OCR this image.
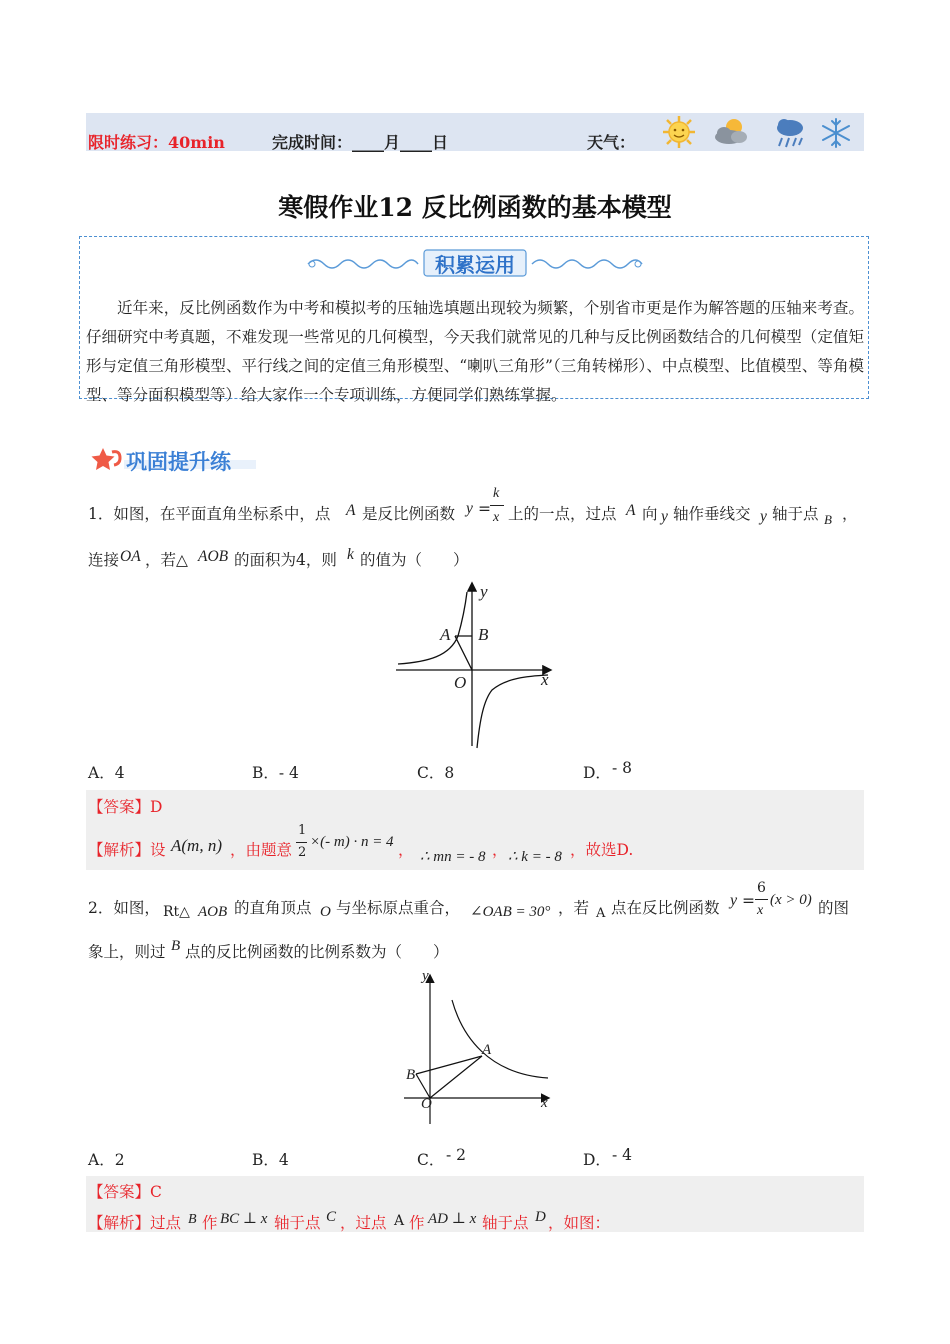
限时练习：40min	完成时间：____月____日	天气：
寒假作业12 反比例函数的基本模型
积累运用
近年来，反比例函数作为中考和模拟考的压轴选填题出现较为频繁，个别省市更是作为解答题的压轴来考查。仔细研究中考真题，不难发现一些常见的几何模型，今天我们就常见的几种与反比例函数结合的几何模型（定值矩形与定值三角形模型、平行线之间的定值三角形模型、“喇叭三角形”（三角转梯形）、中点模型、比值模型、等角模型、等分面积模型等）给大家作一个专项训练，方便同学们熟练掌握。
巩固提升练
1．如图，在平面直角坐标系中，点 A 是反比例函数 y =
k
x 上的一点，过点 A 向 y 轴作垂线交 y 轴于点 B ，
连接 OA ，若△ AOB 的面积为4，则 k 的值为（　　）
A B
O	x
y
A．4	B．- 4	C．8	D． - 8
【答案】D
【解析】设 A(m, n) ，由题意
1
2
×(- m) · n = 4 ， ∴ mn = - 8 ， ∴ k = - 8 ，故选D.
2．如图， Rt△ AOB 的直角顶点 O 与坐标原点重合， ∠OAB = 30° ，若 A 点在反比例函数 y =
6
x
(x > 0) 的图
象上，则过 B 点的反比例函数的比例系数为（　　）
A
B
O	x
y
A．2	B．4	C． - 2	D． - 4
【答案】C
【解析】过点 B 作 BC ⊥ x 轴于点 C ，过点 A 作 AD ⊥ x 轴于点 D ，如图：
